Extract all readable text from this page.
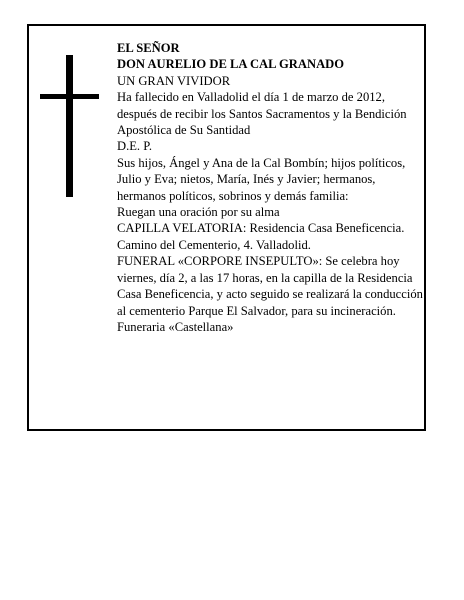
EL SEÑOR
DON AURELIO DE LA CAL GRANADO
UN GRAN VIVIDOR
Ha fallecido en Valladolid el día 1 de marzo de 2012, después de recibir los Santos Sacramentos y la Bendición Apostólica de Su Santidad
D.E. P.
Sus hijos, Ángel y Ana de la Cal Bombín; hijos políticos, Julio y Eva; nietos, María, Inés y Javier; hermanos, hermanos políticos, sobrinos y demás familia:
Ruegan una oración por su alma
CAPILLA VELATORIA: Residencia Casa Beneficencia. Camino del Cementerio, 4. Valladolid.
FUNERAL «CORPORE INSEPULTO»: Se celebra hoy viernes, día 2, a las 17 horas, en la capilla de la Residencia Casa Beneficencia, y acto seguido se realizará la conducción al cementerio Parque El Salvador, para su incineración.
Funeraria «Castellana»
